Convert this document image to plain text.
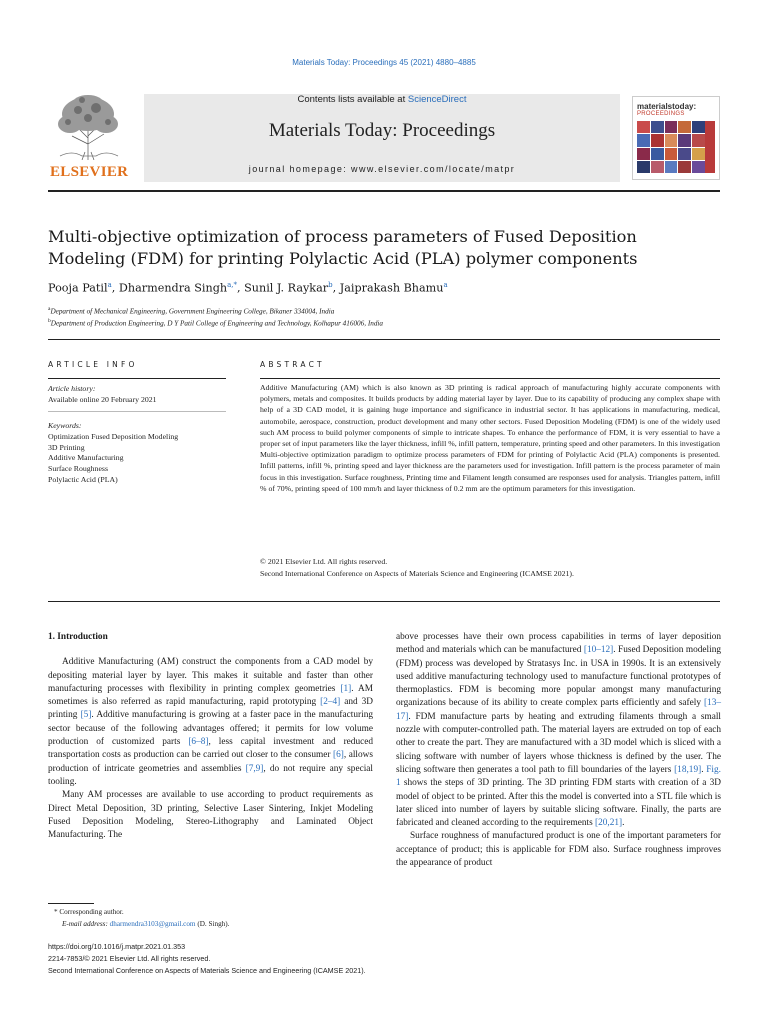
Materials Today: Proceedings 45 (2021) 4880–4885
ELSEVIER
Contents lists available at ScienceDirect
Materials Today: Proceedings
journal homepage: www.elsevier.com/locate/matpr
materialstoday:
PROCEEDINGS
Multi-objective optimization of process parameters of Fused Deposition
Modeling (FDM) for printing Polylactic Acid (PLA) polymer components
Pooja Patil$^a$, Dharmendra Singh$^{a,*}$, Sunil J. Raykar$^b$, Jaiprakash Bhamu$^a$
$^a$Department of Mechanical Engineering, Government Engineering College, Bikaner 334004, India
$^b$Department of Production Engineering, D Y Patil College of Engineering and Technology, Kolhapur 416006, India
ARTICLE INFO
Article history:
Available online 20 February 2021
Keywords:
Optimization Fused Deposition Modeling
3D Printing
Additive Manufacturing
Surface Roughness
Polylactic Acid (PLA)
ABSTRACT
Additive Manufacturing (AM) which is also known as 3D printing is radical approach of manufacturing highly accurate components with polymers, metals and composites. It builds products by adding material layer by layer. Due to its capability of producing any complex shape with help of a 3D CAD model, it is gaining huge importance and significance in industrial sector. It has applications in manufacturing, medical, automobile, aerospace, construction, product development and many other sectors. Fused Deposition Modeling (FDM) is one of the widely used such AM process to build polymer components of simple to intricate shapes. To enhance the performance of FDM, it is very essential to have a proper set of input parameters like the layer thickness, infill %, infill pattern, temperature, printing speed and other parameters. In this investigation Multi-objective optimization paradigm to optimize process parameters of FDM for printing of Polylactic Acid (PLA) components is presented. Infill patterns, infill %, printing speed and layer thickness are the parameters used for investigation. Infill pattern is the process parameter of main focus in this investigation. Surface roughness, Printing time and Filament length consumed are responses used for analysis. Triangles pattern, infill % of 70%, printing speed of 100 mm/h and layer thickness of 0.2 mm are the optimum parameters for this investigation.
© 2021 Elsevier Ltd. All rights reserved.
Second International Conference on Aspects of Materials Science and Engineering (ICAMSE 2021).
1. Introduction

Additive Manufacturing (AM) construct the components from a CAD model by depositing material layer by layer. This makes it suitable and faster than other manufacturing processes with flexibility in printing complex geometries [1]. AM sometimes is also referred as rapid manufacturing, rapid prototyping [2–4] and 3D printing [5]. Additive manufacturing is growing at a faster pace in the manufacturing sector because of the following advantages offered; it permits for low volume production of customized parts [6–8], less capital investment and reduced transportation costs as production can be carried out closer to the consumer [6], allows production of intricate geometries and assemblies [7,9], do not require any special tooling.

Many AM processes are available to use according to product requirements as Direct Metal Deposition, 3D printing, Selective Laser Sintering, Inkjet Modeling Fused Deposition Modeling, Stereo-Lithography and Laminated Object Manufacturing. The

above processes have their own process capabilities in terms of layer deposition method and materials which can be manufactured [10–12]. Fused Deposition modeling (FDM) process was developed by Stratasys Inc. in USA in 1990s. It is an extensively used additive manufacturing technology used to manufacture functional prototypes of thermoplastics. FDM is becoming more popular amongst many manufacturing organizations because of its ability to create complex parts efficiently and safely [13–17]. FDM manufacture parts by heating and extruding filaments through a small nozzle with computer-controlled path. The material layers are extruded on top of each other to create the part. They are manufactured with a 3D model which is sliced with a slicing software with number of layers whose thickness is defined by the user. The slicing software then generates a tool path to fill boundaries of the layers [18,19]. Fig. 1 shows the steps of 3D printing. The 3D printing FDM starts with creation of a 3D model of object to be printed. After this the model is converted into a STL file which is later sliced into number of layers by suitable slicing software. Finally, the parts are fabricated and cleaned according to the requirements [20,21].

Surface roughness of manufactured product is one of the important parameters for acceptance of product; this is applicable for FDM also. Surface roughness improves the appearance of product

* Corresponding author.
E-mail address: dharmendra3103@gmail.com (D. Singh).
https://doi.org/10.1016/j.matpr.2021.01.353
2214-7853/© 2021 Elsevier Ltd. All rights reserved.
Second International Conference on Aspects of Materials Science and Engineering (ICAMSE 2021).
